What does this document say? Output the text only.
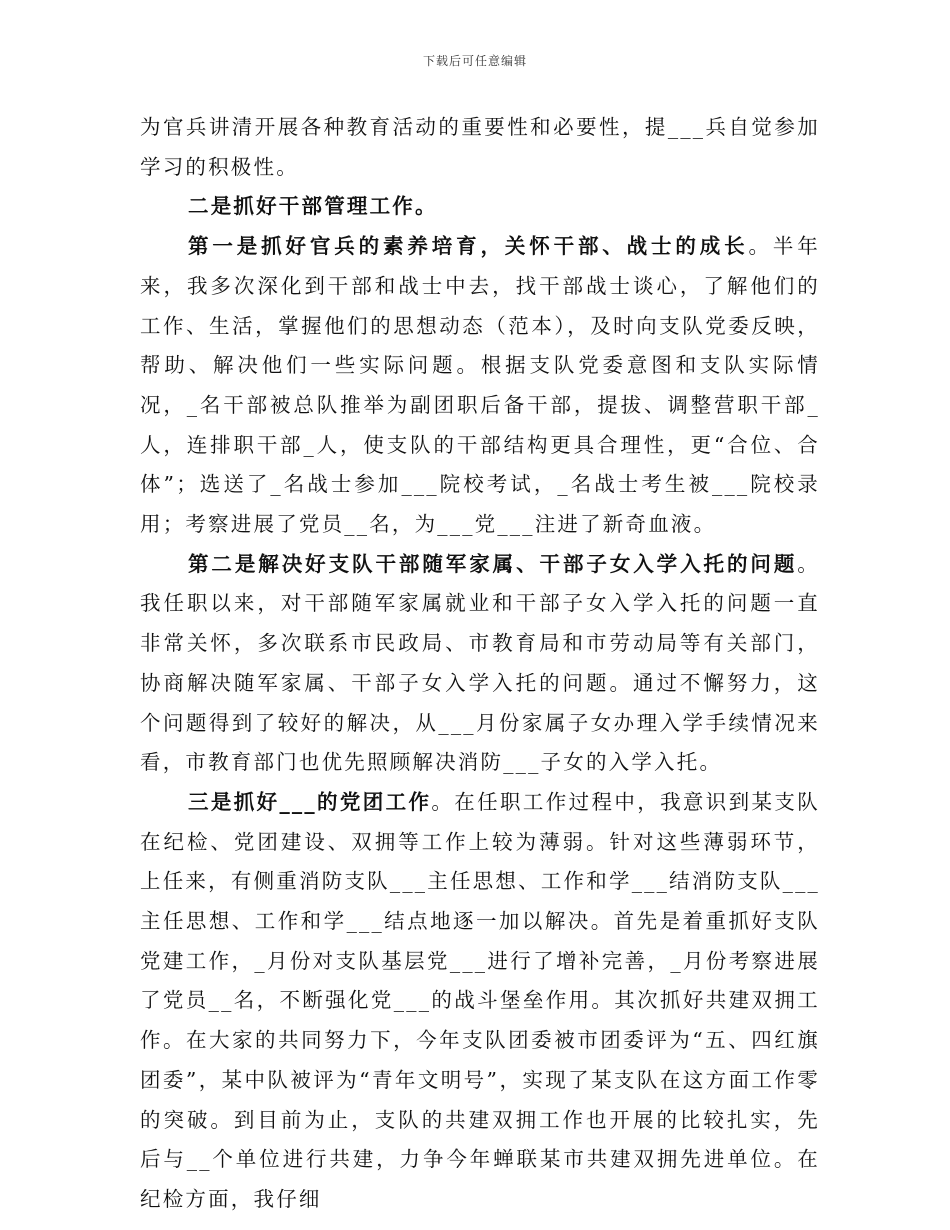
下载后可任意编辑

为官兵讲清开展各种教育活动的重要性和必要性，提___兵自觉参加学习的积极性。

二是抓好干部管理工作。

第一是抓好官兵的素养培育，关怀干部、战士的成长。半年来，我多次深化到干部和战士中去，找干部战士谈心，了解他们的工作、生活，掌握他们的思想动态（范本），及时向支队党委反映，帮助、解决他们一些实际问题。根据支队党委意图和支队实际情况，_名干部被总队推举为副团职后备干部，提拔、调整营职干部_人，连排职干部_人，使支队的干部结构更具合理性，更“合位、合体”；选送了_名战士参加___院校考试，_名战士考生被___院校录用；考察进展了党员__名，为___党___注进了新奇血液。

第二是解决好支队干部随军家属、干部子女入学入托的问题。我任职以来，对干部随军家属就业和干部子女入学入托的问题一直非常关怀，多次联系市民政局、市教育局和市劳动局等有关部门，协商解决随军家属、干部子女入学入托的问题。通过不懈努力，这个问题得到了较好的解决，从___月份家属子女办理入学手续情况来看，市教育部门也优先照顾解决消防___子女的入学入托。

三是抓好___的党团工作。在任职工作过程中，我意识到某支队在纪检、党团建设、双拥等工作上较为薄弱。针对这些薄弱环节，上任来，有侧重消防支队___主任思想、工作和学___结消防支队___主任思想、工作和学___结点地逐一加以解决。首先是着重抓好支队党建工作，_月份对支队基层党___进行了增补完善，_月份考察进展了党员__名，不断强化党___的战斗堡垒作用。其次抓好共建双拥工作。在大家的共同努力下，今年支队团委被市团委评为“五、四红旗团委”，某中队被评为“青年文明号”，实现了某支队在这方面工作零的突破。到目前为止，支队的共建双拥工作也开展的比较扎实，先后与__个单位进行共建，力争今年蝉联某市共建双拥先进单位。在纪检方面，我仔细
